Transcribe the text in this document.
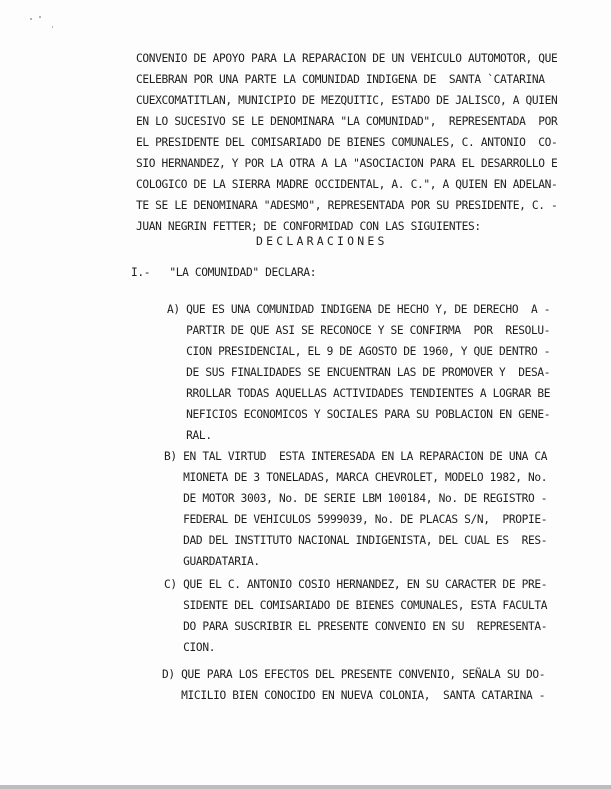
CONVENIO DE APOYO PARA LA REPARACION DE UN VEHICULO AUTOMOTOR, QUE
CELEBRAN POR UNA PARTE LA COMUNIDAD INDIGENA DE  SANTA `CATARINA
CUEXCOMATITLAN, MUNICIPIO DE MEZQUITIC, ESTADO DE JALISCO, A QUIEN
EN LO SUCESIVO SE LE DENOMINARA "LA COMUNIDAD",  REPRESENTADA  POR
EL PRESIDENTE DEL COMISARIADO DE BIENES COMUNALES, C. ANTONIO  CO-
SIO HERNANDEZ, Y POR LA OTRA A LA "ASOCIACION PARA EL DESARROLLO E
COLOGICO DE LA SIERRA MADRE OCCIDENTAL, A. C.", A QUIEN EN ADELAN-
TE SE LE DENOMINARA "ADESMO", REPRESENTADA POR SU PRESIDENTE, C. -
JUAN NEGRIN FETTER; DE CONFORMIDAD CON LAS SIGUIENTES:
DECLARACIONES
I.-   "LA COMUNIDAD" DECLARA:
A) QUE ES UNA COMUNIDAD INDIGENA DE HECHO Y, DE DERECHO  A -
PARTIR DE QUE ASI SE RECONOCE Y SE CONFIRMA  POR  RESOLU-
CION PRESIDENCIAL, EL 9 DE AGOSTO DE 1960, Y QUE DENTRO -
DE SUS FINALIDADES SE ENCUENTRAN LAS DE PROMOVER Y  DESA-
RROLLAR TODAS AQUELLAS ACTIVIDADES TENDIENTES A LOGRAR BE
NEFICIOS ECONOMICOS Y SOCIALES PARA SU POBLACION EN GENE-
RAL.
B) EN TAL VIRTUD  ESTA INTERESADA EN LA REPARACION DE UNA CA
MIONETA DE 3 TONELADAS, MARCA CHEVROLET, MODELO 1982, No.
DE MOTOR 3003, No. DE SERIE LBM 100184, No. DE REGISTRO -
FEDERAL DE VEHICULOS 5999039, No. DE PLACAS S/N,  PROPIE-
DAD DEL INSTITUTO NACIONAL INDIGENISTA, DEL CUAL ES  RES-
GUARDATARIA.
C) QUE EL C. ANTONIO COSIO HERNANDEZ, EN SU CARACTER DE PRE-
SIDENTE DEL COMISARIADO DE BIENES COMUNALES, ESTA FACULTA
DO PARA SUSCRIBIR EL PRESENTE CONVENIO EN SU  REPRESENTA-
CION.
D) QUE PARA LOS EFECTOS DEL PRESENTE CONVENIO, SEÑALA SU DO-
MICILIO BIEN CONOCIDO EN NUEVA COLONIA,  SANTA CATARINA -
